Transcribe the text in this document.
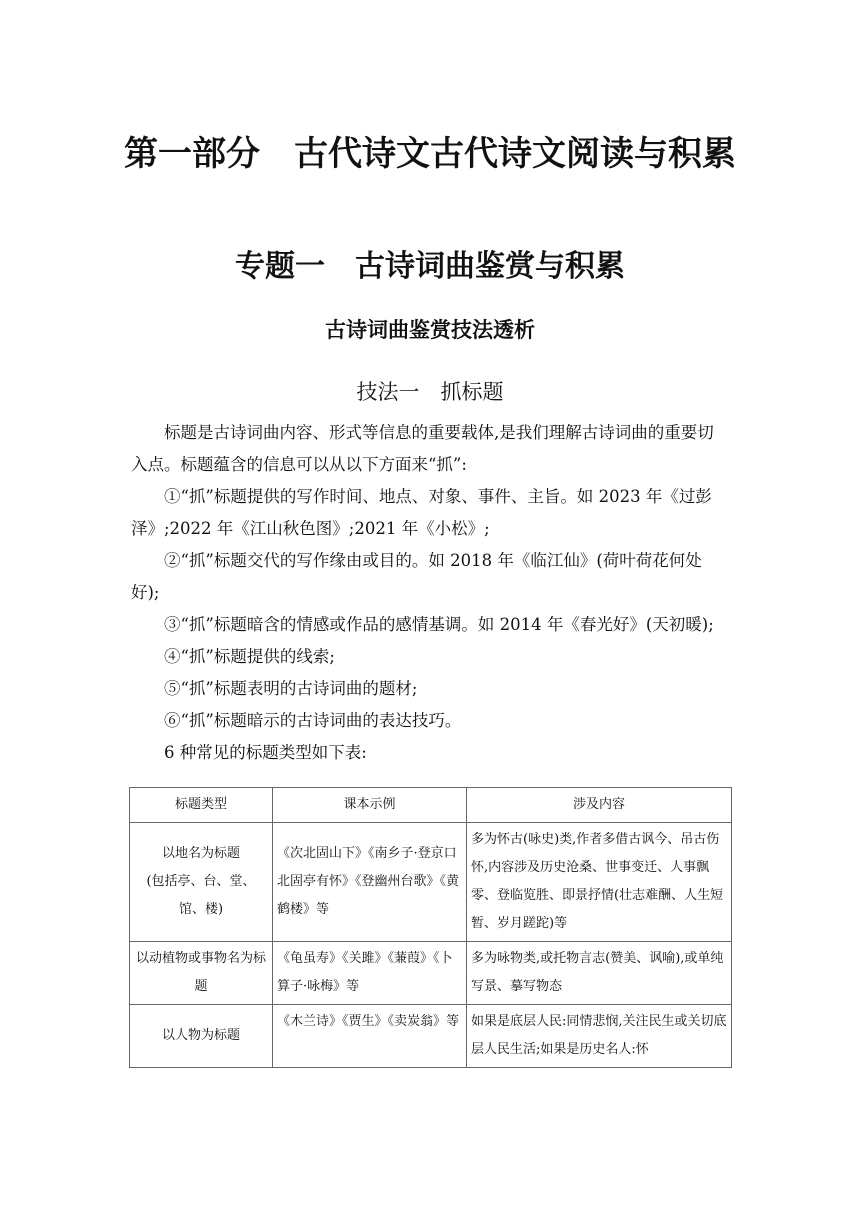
第一部分　古代诗文古代诗文阅读与积累
专题一　古诗词曲鉴赏与积累
古诗词曲鉴赏技法透析
技法一　抓标题

标题是古诗词曲内容、形式等信息的重要载体,是我们理解古诗词曲的重要切入点。标题蕴含的信息可以从以下方面来“抓”:

①“抓”标题提供的写作时间、地点、对象、事件、主旨。如 2023 年《过彭泽》;2022 年《江山秋色图》;2021 年《小松》;

②“抓”标题交代的写作缘由或目的。如 2018 年《临江仙》(荷叶荷花何处好);

③“抓”标题暗含的情感或作品的感情基调。如 2014 年《春光好》(天初暖);

④“抓”标题提供的线索;

⑤“抓”标题表明的古诗词曲的题材;

⑥“抓”标题暗示的古诗词曲的表达技巧。

6 种常见的标题类型如下表:

标题类型	课本示例	涉及内容
以地名为标题
(包括亭、台、堂、馆、楼)	《次北固山下》《南乡子·登京口北固亭有怀》《登幽州台歌》《黄鹤楼》等	多为怀古(咏史)类,作者多借古讽今、吊古伤怀,内容涉及历史沧桑、世事变迁、人事飘零、登临览胜、即景抒情(壮志难酬、人生短暂、岁月蹉跎)等
以动植物或事物名为标题	《龟虽寿》《关雎》《蒹葭》《卜算子·咏梅》等	多为咏物类,或托物言志(赞美、讽喻),或单纯写景、摹写物态
以人物为标题	《木兰诗》《贾生》《卖炭翁》等	如果是底层人民:同情悲悯,关注民生或关切底层人民生活;如果是历史名人:怀
